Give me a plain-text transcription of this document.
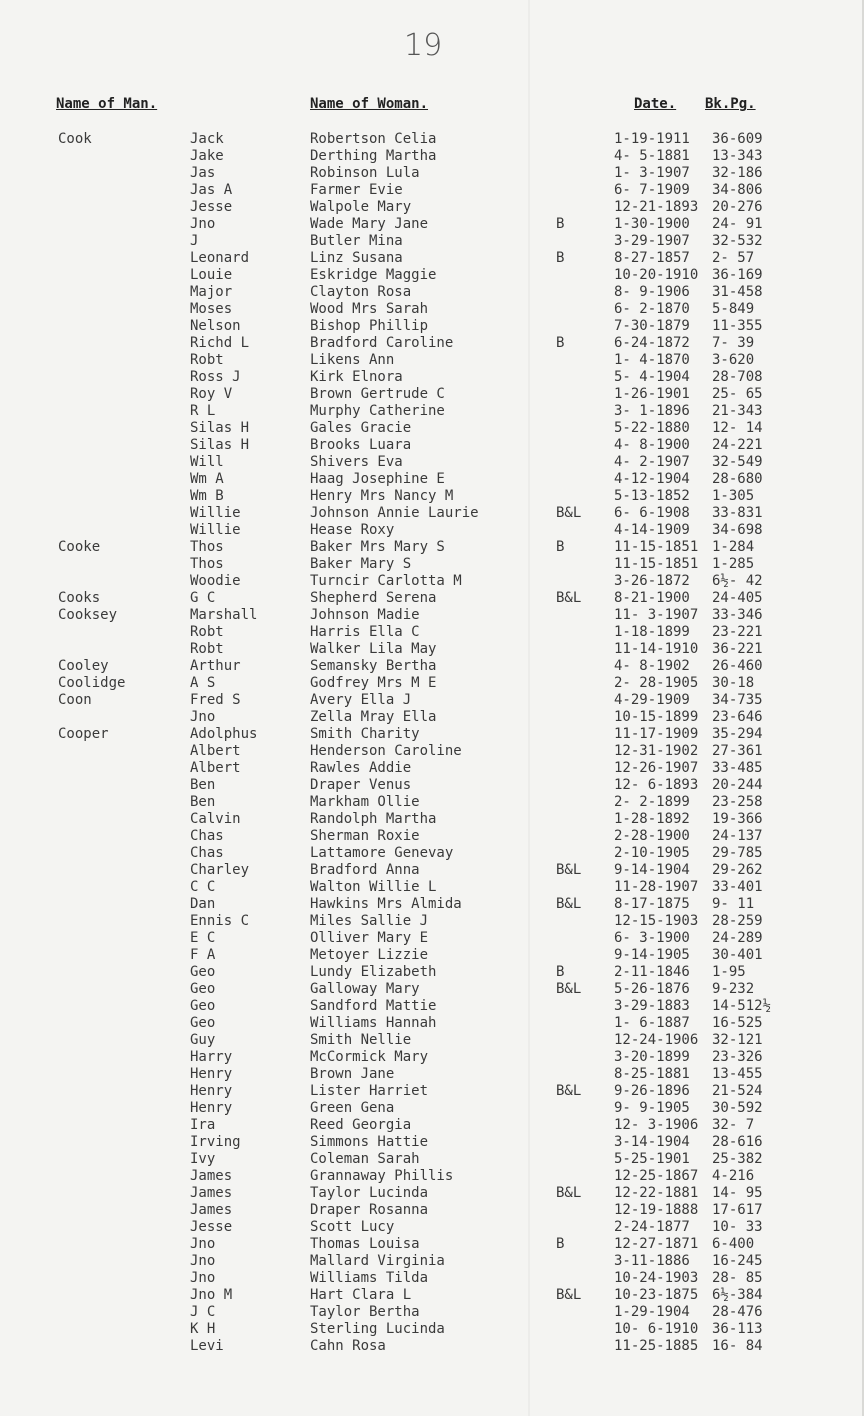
19
Name of Man.	Name of Woman.	Date. Bk.Pg.
Cook	Jack	Robertson Celia	1-19-1911 36-609
Jake	Derthing Martha	4- 5-1881 13-343
Jas	Robinson Lula	1- 3-1907 32-186
Jas A	Farmer Evie	6- 7-1909 34-806
Jesse	Walpole Mary	12-21-1893 20-276
Jno	Wade Mary Jane	B	1-30-1900 24- 91
J	Butler Mina	3-29-1907 32-532
Leonard	Linz Susana	B	8-27-1857 2- 57
Louie	Eskridge Maggie	10-20-1910 36-169
Major	Clayton Rosa	8- 9-1906 31-458
Moses	Wood Mrs Sarah	6- 2-1870 5-849
Nelson	Bishop Phillip	7-30-1879 11-355
Richd L	Bradford Caroline	B	6-24-1872 7- 39
Robt	Likens Ann	1- 4-1870 3-620
Ross J	Kirk Elnora	5- 4-1904 28-708
Roy V	Brown Gertrude C	1-26-1901 25- 65
R L	Murphy Catherine	3- 1-1896 21-343
Silas H	Gales Gracie	5-22-1880 12- 14
Silas H	Brooks Luara	4- 8-1900 24-221
Will	Shivers Eva	4- 2-1907 32-549
Wm A	Haag Josephine E	4-12-1904 28-680
Wm B	Henry Mrs Nancy M	5-13-1852 1-305
Willie	Johnson Annie Laurie	B&L 6- 6-1908 33-831
Willie	Hease Roxy	4-14-1909 34-698
Cooke	Thos	Baker Mrs Mary S	B	11-15-1851 1-284
Thos	Baker Mary S	11-15-1851 1-285
Woodie	Turncir Carlotta M	3-26-1872 6½- 42
Cooks	G C	Shepherd Serena	B&L 8-21-1900 24-405
Cooksey	Marshall	Johnson Madie	11- 3-1907 33-346
Robt	Harris Ella C	1-18-1899 23-221
Robt	Walker Lila May	11-14-1910 36-221
Cooley	Arthur	Semansky Bertha	4- 8-1902 26-460
Coolidge	A S	Godfrey Mrs M E	2- 28-1905 30-18
Coon	Fred S	Avery Ella J	4-29-1909 34-735
Jno	Zella Mray Ella	10-15-1899 23-646
Cooper	Adolphus	Smith Charity	11-17-1909 35-294
Albert	Henderson Caroline	12-31-1902 27-361
Albert	Rawles Addie	12-26-1907 33-485
Ben	Draper Venus	12- 6-1893 20-244
Ben	Markham Ollie	2- 2-1899 23-258
Calvin	Randolph Martha	1-28-1892 19-366
Chas	Sherman Roxie	2-28-1900 24-137
Chas	Lattamore Genevay	2-10-1905 29-785
Charley	Bradford Anna	B&L 9-14-1904 29-262
C C	Walton Willie L	11-28-1907 33-401
Dan	Hawkins Mrs Almida	B&L 8-17-1875 9- 11
Ennis C	Miles Sallie J	12-15-1903 28-259
E C	Olliver Mary E	6- 3-1900 24-289
F A	Metoyer Lizzie	9-14-1905 30-401
Geo	Lundy Elizabeth	B	2-11-1846 1-95
Geo	Galloway Mary	B&L 5-26-1876 9-232
Geo	Sandford Mattie	3-29-1883 14-512½
Geo	Williams Hannah	1- 6-1887 16-525
Guy	Smith Nellie	12-24-1906 32-121
Harry	McCormick Mary	3-20-1899 23-326
Henry	Brown Jane	8-25-1881 13-455
Henry	Lister Harriet	B&L 9-26-1896 21-524
Henry	Green Gena	9- 9-1905 30-592
Ira	Reed Georgia	12- 3-1906 32- 7
Irving	Simmons Hattie	3-14-1904 28-616
Ivy	Coleman Sarah	5-25-1901 25-382
James	Grannaway Phillis	12-25-1867 4-216
James	Taylor Lucinda	B&L 12-22-1881 14- 95
James	Draper Rosanna	12-19-1888 17-617
Jesse	Scott Lucy	2-24-1877 10- 33
Jno	Thomas Louisa	B	12-27-1871 6-400
Jno	Mallard Virginia	3-11-1886 16-245
Jno	Williams Tilda	10-24-1903 28- 85
Jno M	Hart Clara L	B&L 10-23-1875 6½-384
J C	Taylor Bertha	1-29-1904 28-476
K H	Sterling Lucinda	10- 6-1910 36-113
Levi	Cahn Rosa	11-25-1885 16- 84
